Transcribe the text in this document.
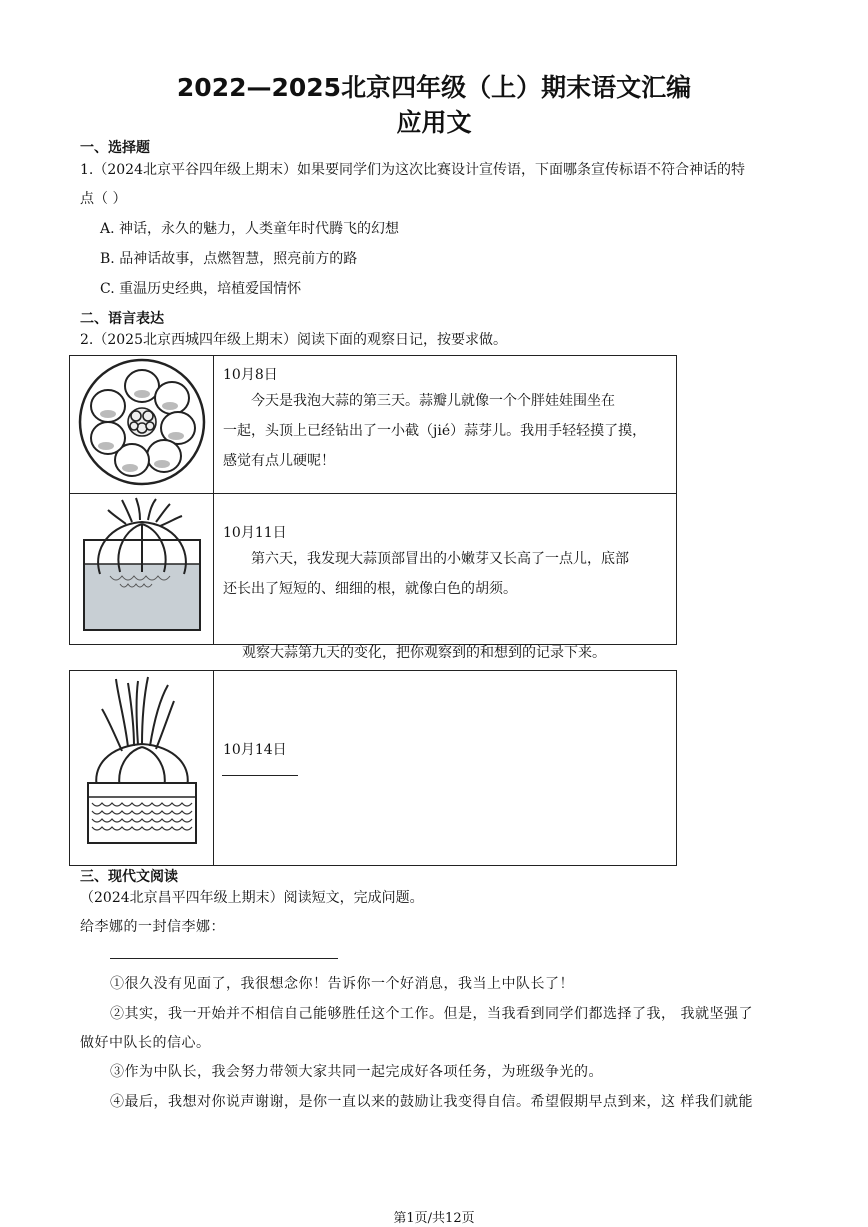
2022—2025北京四年级（上）期末语文汇编
应用文
一、选择题
1.（2024北京平谷四年级上期末）如果要同学们为这次比赛设计宣传语，下面哪条宣传标语不符合神话的特
点（ ）
A. 神话，永久的魅力，人类童年时代腾飞的幻想
B. 品神话故事，点燃智慧，照亮前方的路
C. 重温历史经典，培植爱国情怀
二、语言表达
2.（2025北京西城四年级上期末）阅读下面的观察日记，按要求做。

10月8日
今天是我泡大蒜的第三天。蒜瓣儿就像一个个胖娃娃围坐在
一起，头顶上已经钻出了一小截（jié）蒜芽儿。我用手轻轻摸了摸，
感觉有点儿硬呢！

10月11日
第六天，我发现大蒜顶部冒出的小嫩芽又长高了一点儿，底部
还长出了短短的、细细的根，就像白色的胡须。
观察大蒜第九天的变化，把你观察到的和想到的记录下来。

10月14日
三、现代文阅读
（2024北京昌平四年级上期末）阅读短文，完成问题。
给李娜的一封信李娜：
①很久没有见面了，我很想念你！告诉你一个好消息，我当上中队长了！
②其实，我一开始并不相信自己能够胜任这个工作。但是，当我看到同学们都选择了我， 我就坚强了
做好中队长的信心。
③作为中队长，我会努力带领大家共同一起完成好各项任务，为班级争光的。
④最后，我想对你说声谢谢，是你一直以来的鼓励让我变得自信。希望假期早点到来，这 样我们就能
第1页/共12页
